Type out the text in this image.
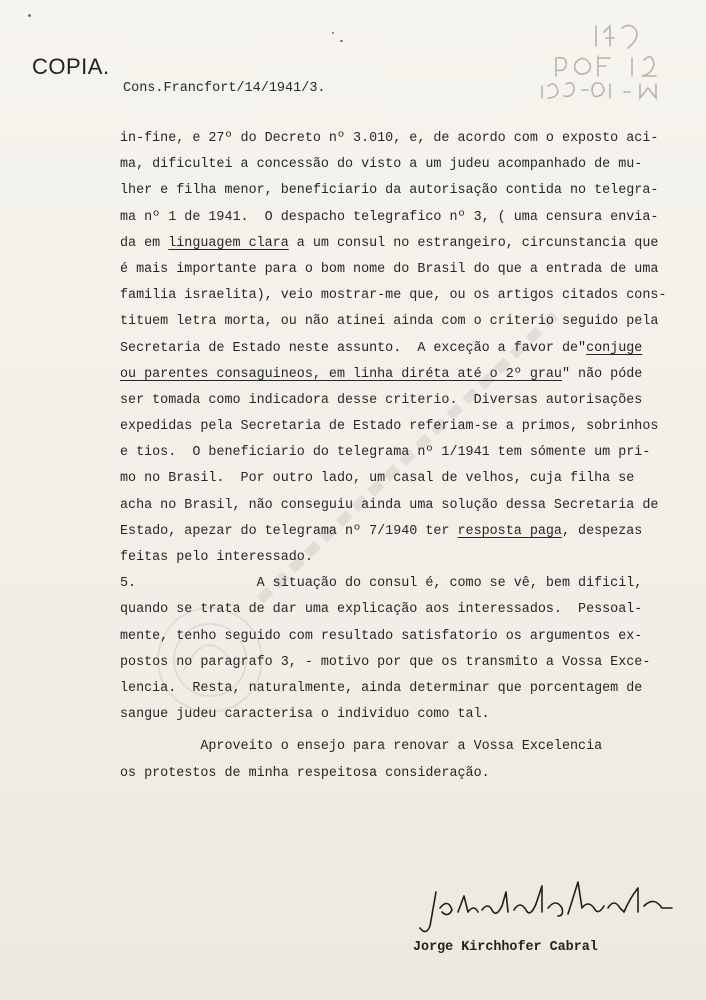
COPIA.
Cons.Francfort/14/1941/3.
in-fine, e 27º do Decreto nº 3.010, e, de acordo com o exposto aci-
ma, dificultei a concessão do visto a um judeu acompanhado de mu-
lher e filha menor, beneficiario da autorisação contida no telegra-
ma nº 1 de 1941.  O despacho telegrafico nº 3, ( uma censura envia-
da em linguagem clara a um consul no estrangeiro, circunstancia que
é mais importante para o bom nome do Brasil do que a entrada de uma
familia israelita), veio mostrar-me que, ou os artigos citados cons-
tituem letra morta, ou não atinei ainda com o criterio seguido pela
Secretaria de Estado neste assunto.  A exceção a favor de"conjuge
ou parentes consaguineos, em linha diréta até o 2º grau" não póde
ser tomada como indicadora desse criterio.  Diversas autorisações
expedidas pela Secretaria de Estado referiam-se a primos, sobrinhos
e tios.  O beneficiario do telegrama nº 1/1941 tem sómente um pri-
mo no Brasil.  Por outro lado, um casal de velhos, cuja filha se
acha no Brasil, não conseguiu ainda uma solução dessa Secretaria de
Estado, apezar do telegrama nº 7/1940 ter resposta paga, despezas
feitas pelo interessado.
5.               A situação do consul é, como se vê, bem dificil,
quando se trata de dar uma explicação aos interessados.  Pessoal-
mente, tenho seguido com resultado satisfatorio os argumentos ex-
postos no paragrafo 3, - motivo por que os transmito a Vossa Exce-
lencia.  Resta, naturalmente, ainda determinar que porcentagem de
sangue judeu caracterisa o individuo como tal.
Aproveito o ensejo para renovar a Vossa Excelencia
os protestos de minha respeitosa consideração.
Jorge Kirchhofer Cabral
